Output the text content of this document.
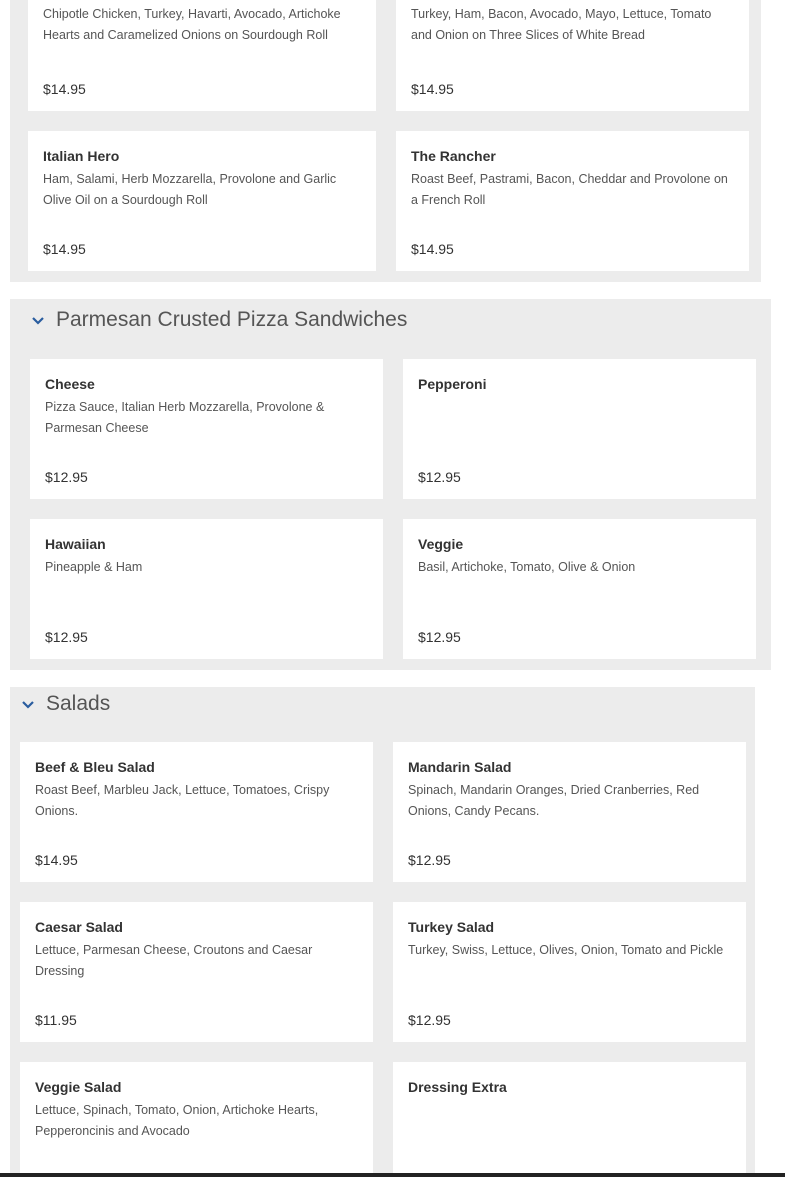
Chipotle Chicken, Turkey, Havarti, Avocado, Artichoke Hearts and Caramelized Onions on Sourdough Roll
$14.95
Turkey, Ham, Bacon, Avocado, Mayo, Lettuce, Tomato and Onion on Three Slices of White Bread
$14.95
Italian Hero
Ham, Salami, Herb Mozzarella, Provolone and Garlic Olive Oil on a Sourdough Roll
$14.95
The Rancher
Roast Beef, Pastrami, Bacon, Cheddar and Provolone on a French Roll
$14.95
Parmesan Crusted Pizza Sandwiches
Cheese
Pizza Sauce, Italian Herb Mozzarella, Provolone & Parmesan Cheese
$12.95
Pepperoni
$12.95
Hawaiian
Pineapple & Ham
$12.95
Veggie
Basil, Artichoke, Tomato, Olive & Onion
$12.95
Salads
Beef & Bleu Salad
Roast Beef, Marbleu Jack, Lettuce, Tomatoes, Crispy Onions.
$14.95
Mandarin Salad
Spinach, Mandarin Oranges, Dried Cranberries, Red Onions, Candy Pecans.
$12.95
Caesar Salad
Lettuce, Parmesan Cheese, Croutons and Caesar Dressing
$11.95
Turkey Salad
Turkey, Swiss, Lettuce, Olives, Onion, Tomato and Pickle
$12.95
Veggie Salad
Lettuce, Spinach, Tomato, Onion, Artichoke Hearts, Pepperoncinis and Avocado
Dressing Extra
